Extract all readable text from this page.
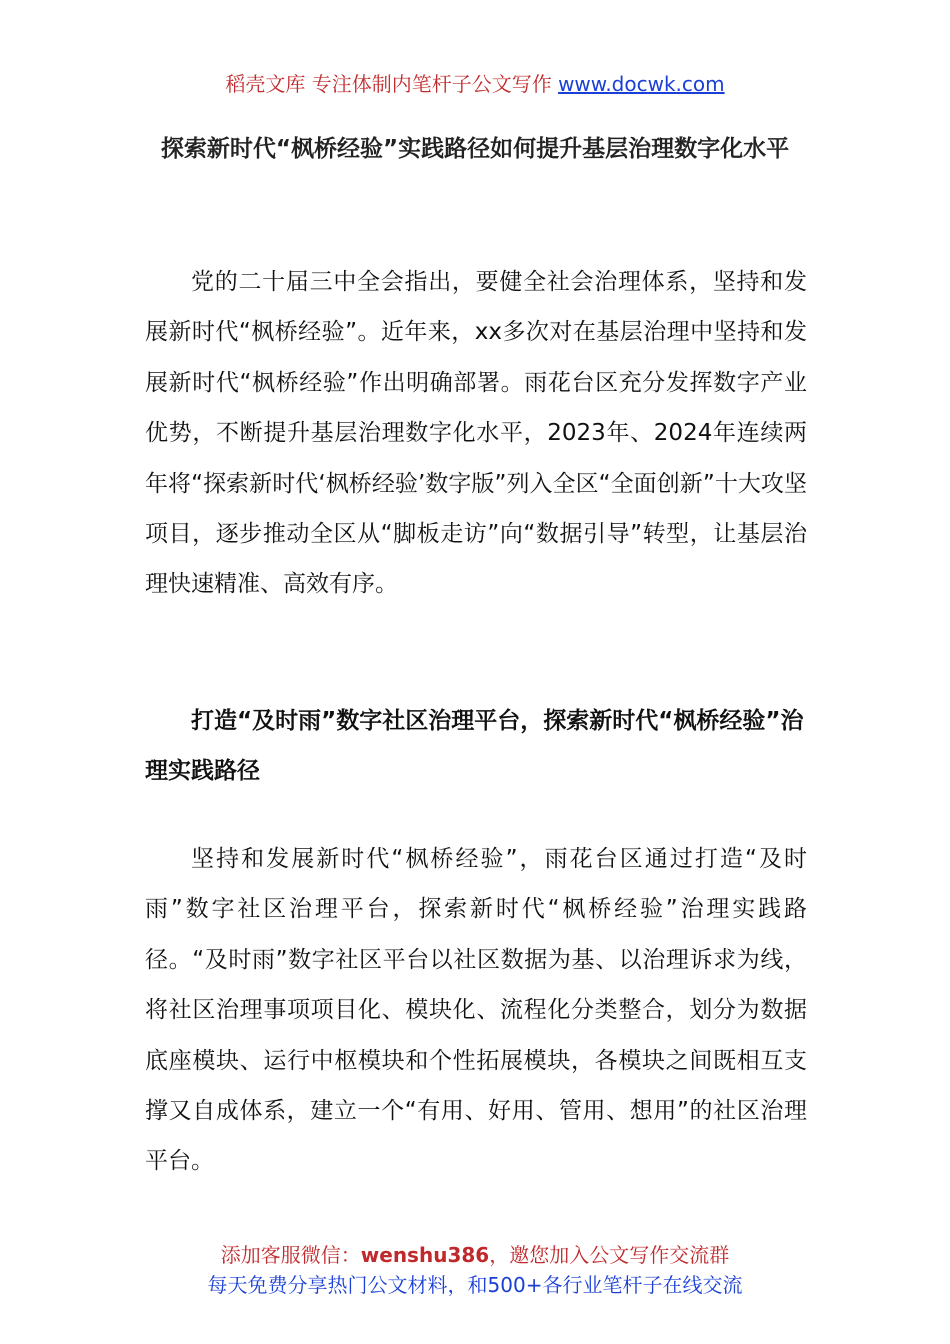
稻壳文库 专注体制内笔杆子公文写作 www.docwk.com
探索新时代“枫桥经验”实践路径如何提升基层治理数字化水平

党的二十届三中全会指出，要健全社会治理体系，坚持和发展新时代“枫桥经验”。近年来，xx多次对在基层治理中坚持和发展新时代“枫桥经验”作出明确部署。雨花台区充分发挥数字产业优势，不断提升基层治理数字化水平，2023年、2024年连续两年将“探索新时代‘枫桥经验’数字版”列入全区“全面创新”十大攻坚项目，逐步推动全区从“脚板走访”向“数据引导”转型，让基层治理快速精准、高效有序。

打造“及时雨”数字社区治理平台，探索新时代“枫桥经验”治理实践路径

坚持和发展新时代“枫桥经验”，雨花台区通过打造“及时雨”数字社区治理平台，探索新时代“枫桥经验”治理实践路径。“及时雨”数字社区平台以社区数据为基、以治理诉求为线，将社区治理事项项目化、模块化、流程化分类整合，划分为数据底座模块、运行中枢模块和个性拓展模块，各模块之间既相互支撑又自成体系，建立一个“有用、好用、管用、想用”的社区治理平台。

添加客服微信：wenshu386，邀您加入公文写作交流群
每天免费分享热门公文材料，和500+各行业笔杆子在线交流
